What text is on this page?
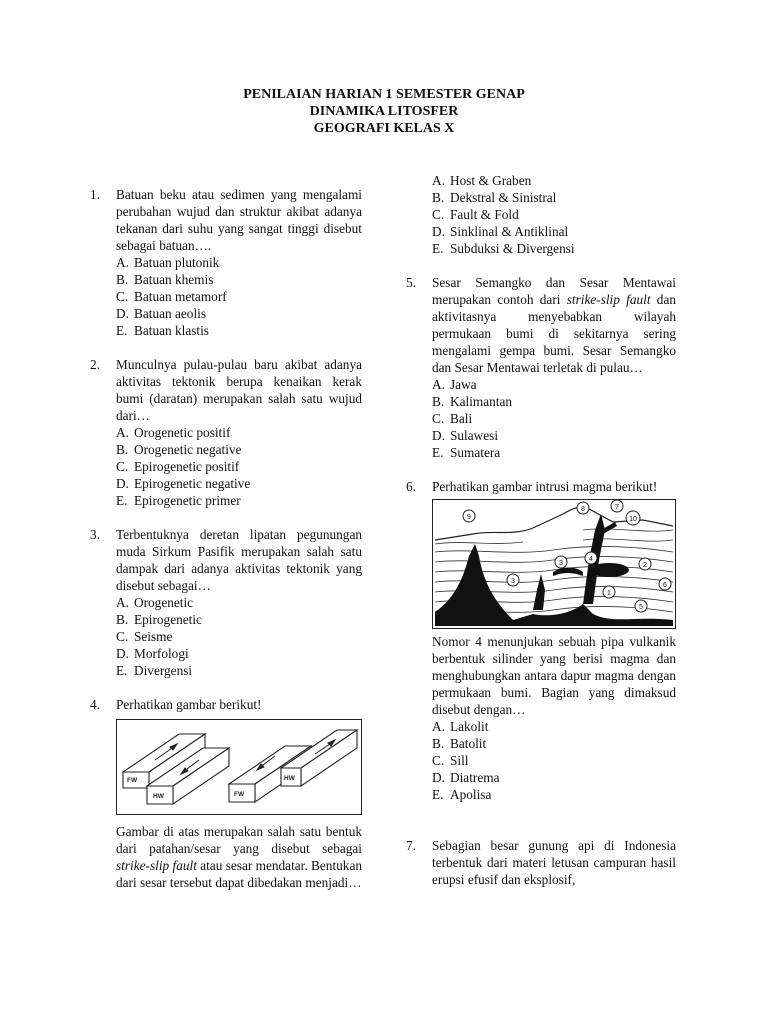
PENILAIAN HARIAN 1 SEMESTER GENAP
DINAMIKA LITOSFER
GEOGRAFI KELAS X
1. Batuan beku atau sedimen yang mengalami perubahan wujud dan struktur akibat adanya tekanan dari suhu yang sangat tinggi disebut sebagai batuan….
A. Batuan plutonik
B. Batuan khemis
C. Batuan metamorf
D. Batuan aeolis
E. Batuan klastis
2. Munculnya pulau-pulau baru akibat adanya aktivitas tektonik berupa kenaikan kerak bumi (daratan) merupakan salah satu wujud dari…
A. Orogenetic positif
B. Orogenetic negative
C. Epirogenetic positif
D. Epirogenetic negative
E. Epirogenetic primer
3. Terbentuknya deretan lipatan pegunungan muda Sirkum Pasifik merupakan salah satu dampak dari adanya aktivitas tektonik yang disebut sebagai…
A. Orogenetic
B. Epirogenetic
C. Seisme
D. Morfologi
E. Divergensi
4. Perhatikan gambar berikut!
FW
HW	FW
HW
Gambar di atas merupakan salah satu bentuk dari patahan/sesar yang disebut sebagai strike-slip fault atau sesar mendatar. Bentukan dari sesar tersebut dapat dibedakan menjadi…
A. Host & Graben
B. Dekstral & Sinistral
C. Fault & Fold
D. Sinklinal & Antiklinal
E. Subduksi & Divergensi
5. Sesar Semangko dan Sesar Mentawai merupakan contoh dari strike-slip fault dan aktivitasnya menyebabkan wilayah permukaan bumi di sekitarnya sering mengalami gempa bumi. Sesar Semangko dan Sesar Mentawai terletak di pulau…
A. Jawa
B. Kalimantan
C. Bali
D. Sulawesi
E. Sumatera
6. Perhatikan gambar intrusi magma berikut!
9
8	7
10
4
3
3
2
6
1
5
Nomor 4 menunjukan sebuah pipa vulkanik berbentuk silinder yang berisi magma dan menghubungkan antara dapur magma dengan permukaan bumi. Bagian yang dimaksud disebut dengan…
A. Lakolit
B. Batolit
C. Sill
D. Diatrema
E. Apolisa
7. Sebagian besar gunung api di Indonesia terbentuk dari materi letusan campuran hasil erupsi efusif dan eksplosif,
